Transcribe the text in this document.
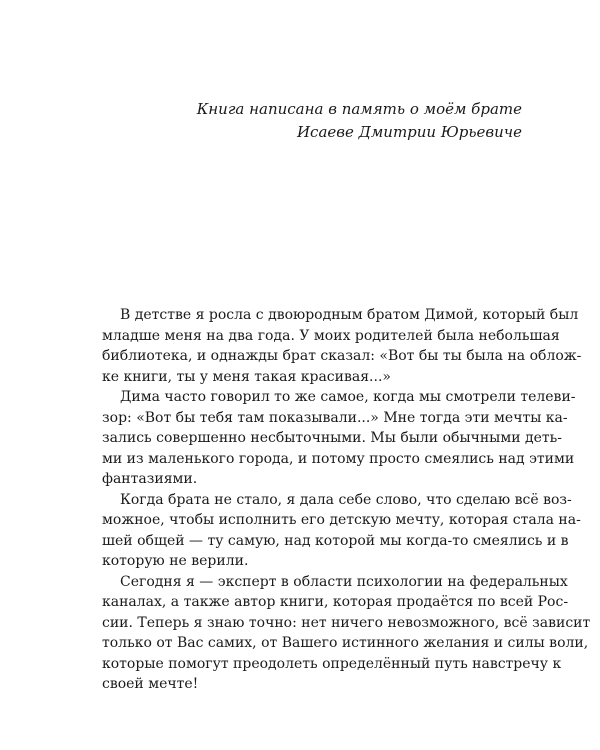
Книга написана в память о моём брате
Исаеве Дмитрии Юрьевиче
В детстве я росла с двоюродным братом Димой, который был
младше меня на два года. У моих родителей была небольшая
библиотека, и однажды брат сказал: «Вот бы ты была на облож-
ке книги, ты у меня такая красивая...»
Дима часто говорил то же самое, когда мы смотрели телеви-
зор: «Вот бы тебя там показывали...» Мне тогда эти мечты ка-
зались совершенно несбыточными. Мы были обычными деть-
ми из маленького города, и потому просто смеялись над этими
фантазиями.
Когда брата не стало, я дала себе слово, что сделаю всё воз-
можное, чтобы исполнить его детскую мечту, которая стала на-
шей общей — ту самую, над которой мы когда-то смеялись и в
которую не верили.
Сегодня я — эксперт в области психологии на федеральных
каналах, а также автор книги, которая продаётся по всей Рос-
сии. Теперь я знаю точно: нет ничего невозможного, всё зависит
только от Вас самих, от Вашего истинного желания и силы воли,
которые помогут преодолеть определённый путь навстречу к
своей мечте!
